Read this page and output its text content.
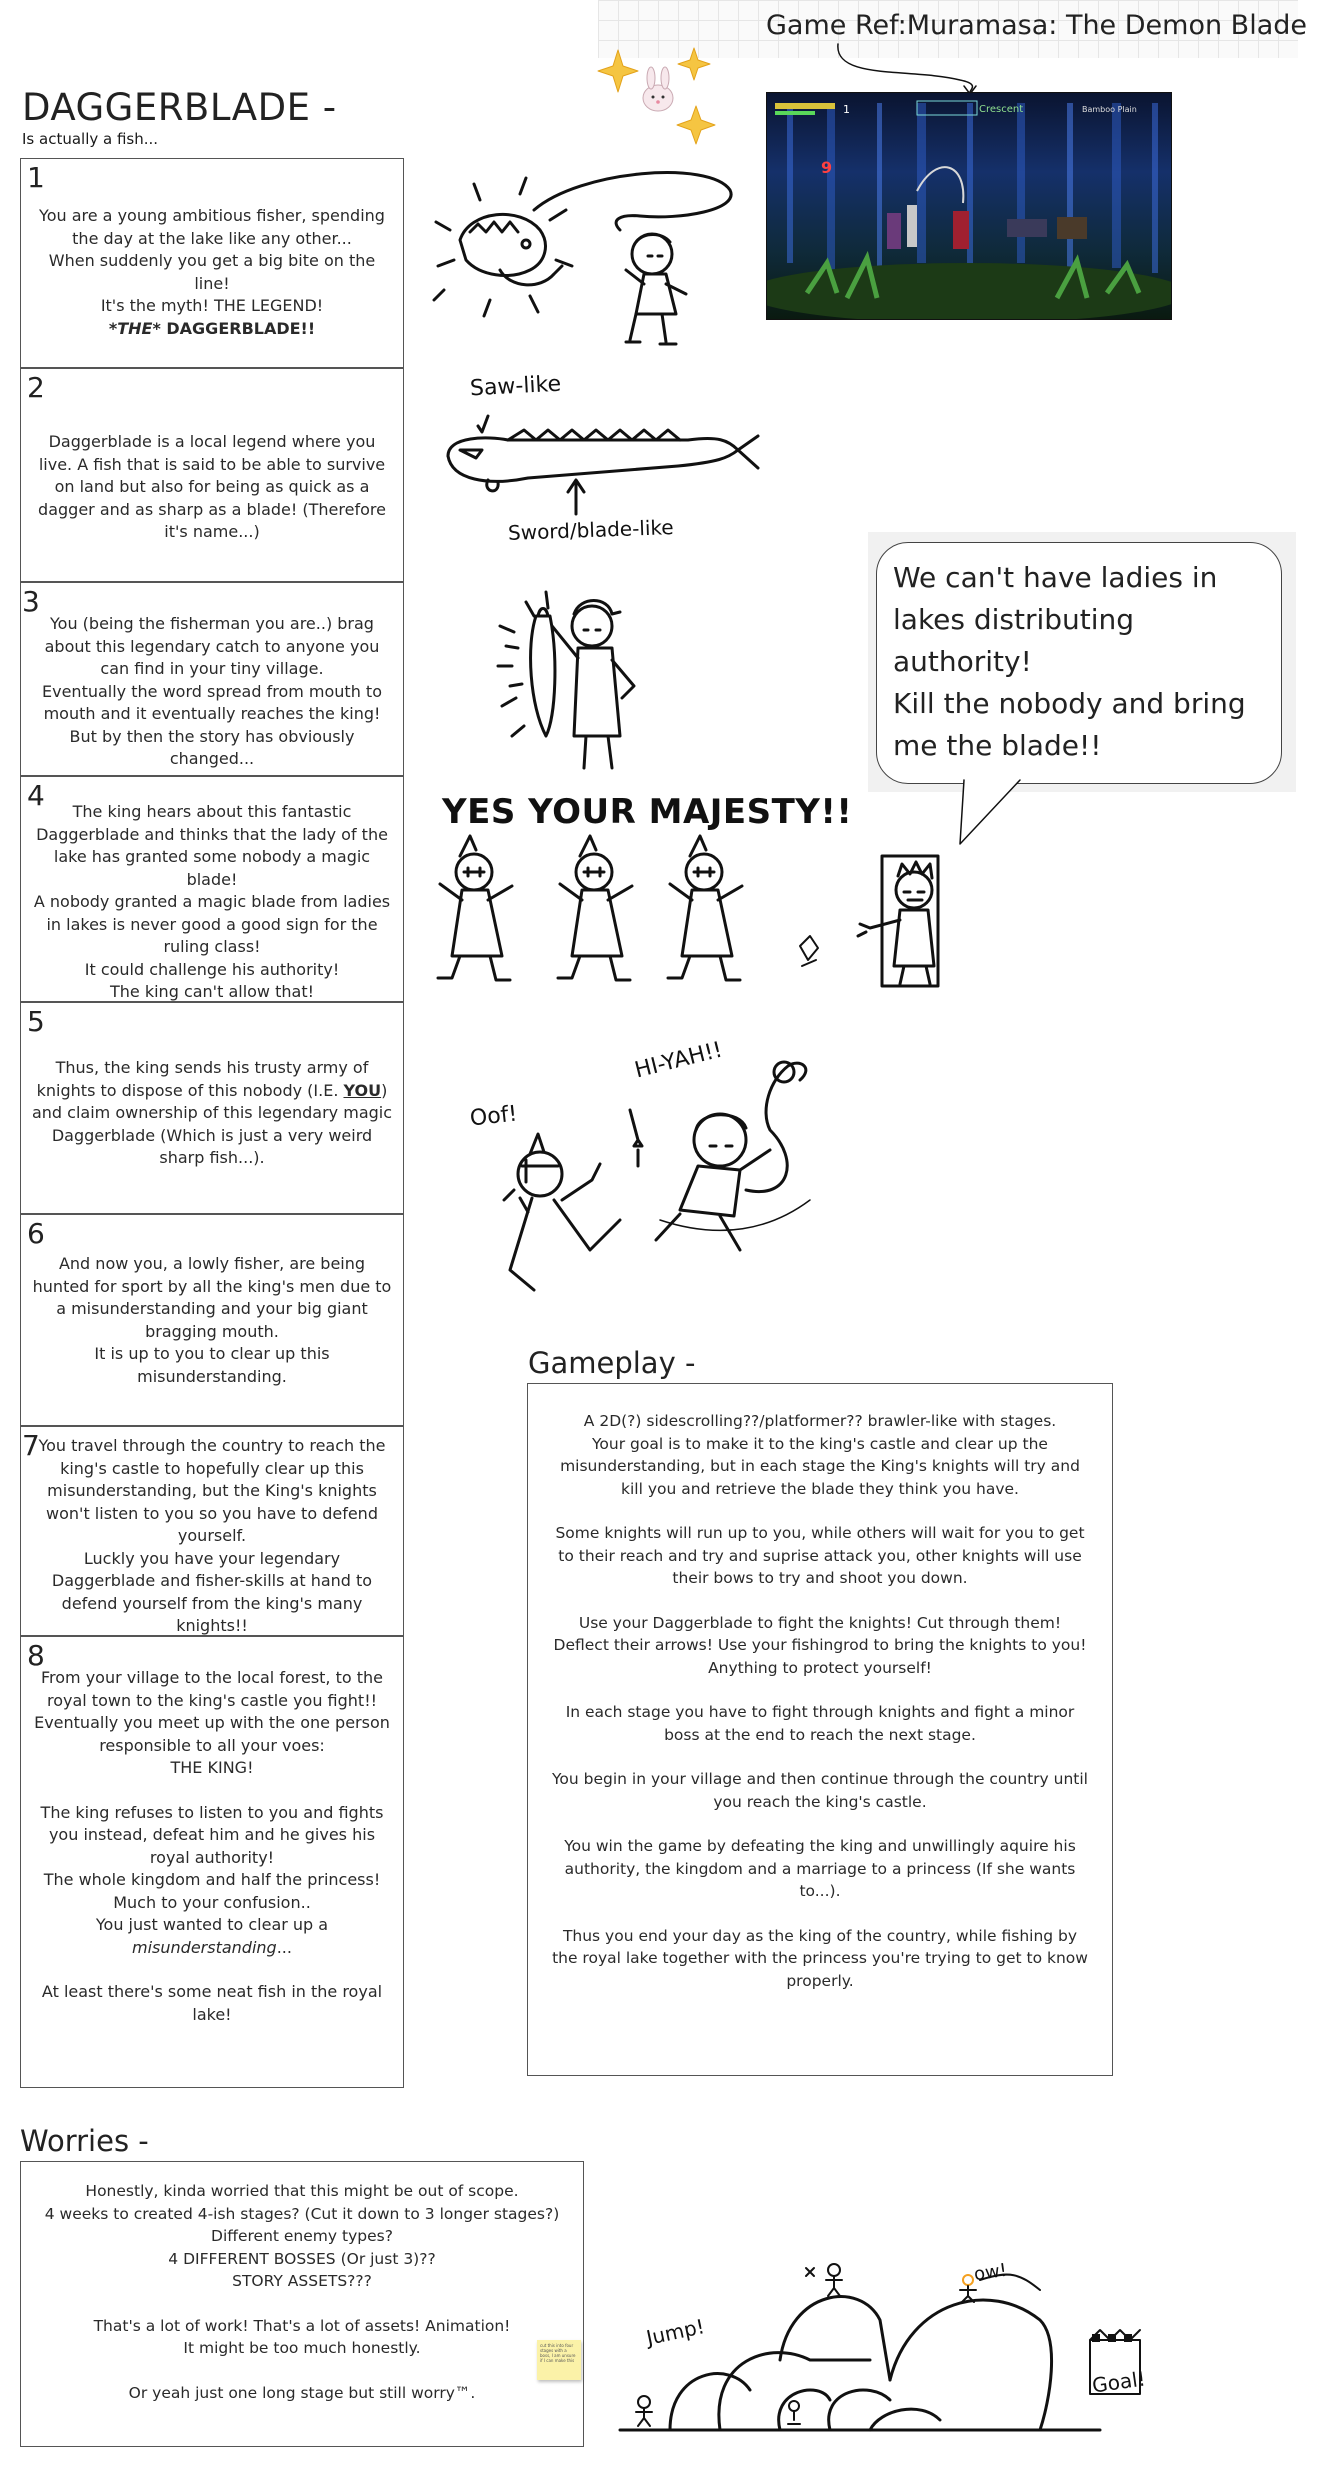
DAGGERBLADE -
Is actually a fish...
Game Ref:Muramasa: The Demon Blade
1	Crescent	Bamboo Plain
9
1

You are a young ambitious fisher, spending the day at the lake like any other...

When suddenly you get a big bite on the line!

It's the myth! THE LEGEND!

*THE* DAGGERBLADE!!

2

Daggerblade is a local legend where you live. A fish that is said to be able to survive on land but also for being as quick as a dagger and as sharp as a blade! (Therefore it's name...)

3

You (being the fisherman you are..) brag about this legendary catch to anyone you can find in your tiny village.

Eventually the word spread from mouth to mouth and it eventually reaches the king!

But by then the story has obviously changed...

4	The king hears about this fantastic Daggerblade and thinks that the lady of the lake has granted some nobody a magic blade!

A nobody granted a magic blade from ladies in lakes is never good a good sign for the ruling class!

It could challenge his authority!

The king can't allow that!

5

Thus, the king sends his trusty army of knights to dispose of this nobody (I.E. YOU) and claim ownership of this legendary magic Daggerblade (Which is just a very weird sharp fish...).

6

And now you, a lowly fisher, are being hunted for sport by all the king's men due to a misunderstanding and your big giant bragging mouth.

It is up to you to clear up this misunderstanding.

7

You travel through the country to reach the king's castle to hopefully clear up this misunderstanding, but the King's knights won't listen to you so you have to defend yourself.

Luckly you have your legendary Daggerblade and fisher-skills at hand to defend yourself from the king's many knights!!

8

From your village to the local forest, to the royal town to the king's castle you fight!!

Eventually you meet up with the one person responsible to all your voes:

THE KING!

The king refuses to listen to you and fights you instead, defeat him and he gives his royal authority!

The whole kingdom and half the princess!

Much to your confusion..

You just wanted to clear up a

misunderstanding...

At least there's some neat fish in the royal lake!

Saw-like
Sword/blade-like
We can't have ladies in
lakes distributing
authority!
Kill the nobody and bring
me the blade!!
YES YOUR MAJESTY!!
HI-YAH!!
Oof!
Gameplay -

A 2D(?) sidescrolling??/platformer?? brawler-like with stages.
Your goal is to make it to the king's castle and clear up the misunderstanding, but in each stage the King's knights will try and kill you and retrieve the blade they think you have.

Some knights will run up to you, while others will wait for you to get to their reach and try and suprise attack you, other knights will use their bows to try and shoot you down.

Use your Daggerblade to fight the knights! Cut through them! Deflect their arrows! Use your fishingrod to bring the knights to you!
Anything to protect yourself!

In each stage you have to fight through knights and fight a minor boss at the end to reach the next stage.

You begin in your village and then continue through the country until you reach the king's castle.

You win the game by defeating the king and unwillingly aquire his authority, the kingdom and a marriage to a princess (If she wants to...).

Thus you end your day as the king of the country, while fishing by the royal lake together with the princess you're trying to get to know properly.

Worries -

Honestly, kinda worried that this might be out of scope.
4 weeks to created 4-ish stages? (Cut it down to 3 longer stages?)
Different enemy types?
4 DIFFERENT BOSSES (Or just 3)??
STORY ASSETS???

That's a lot of work! That's a lot of assets! Animation!
It might be too much honestly.

Or yeah just one long stage but still worry™.

cut this into four stages with a boss, I am unsure if I can make this
Jump!
ow!
Goal!
